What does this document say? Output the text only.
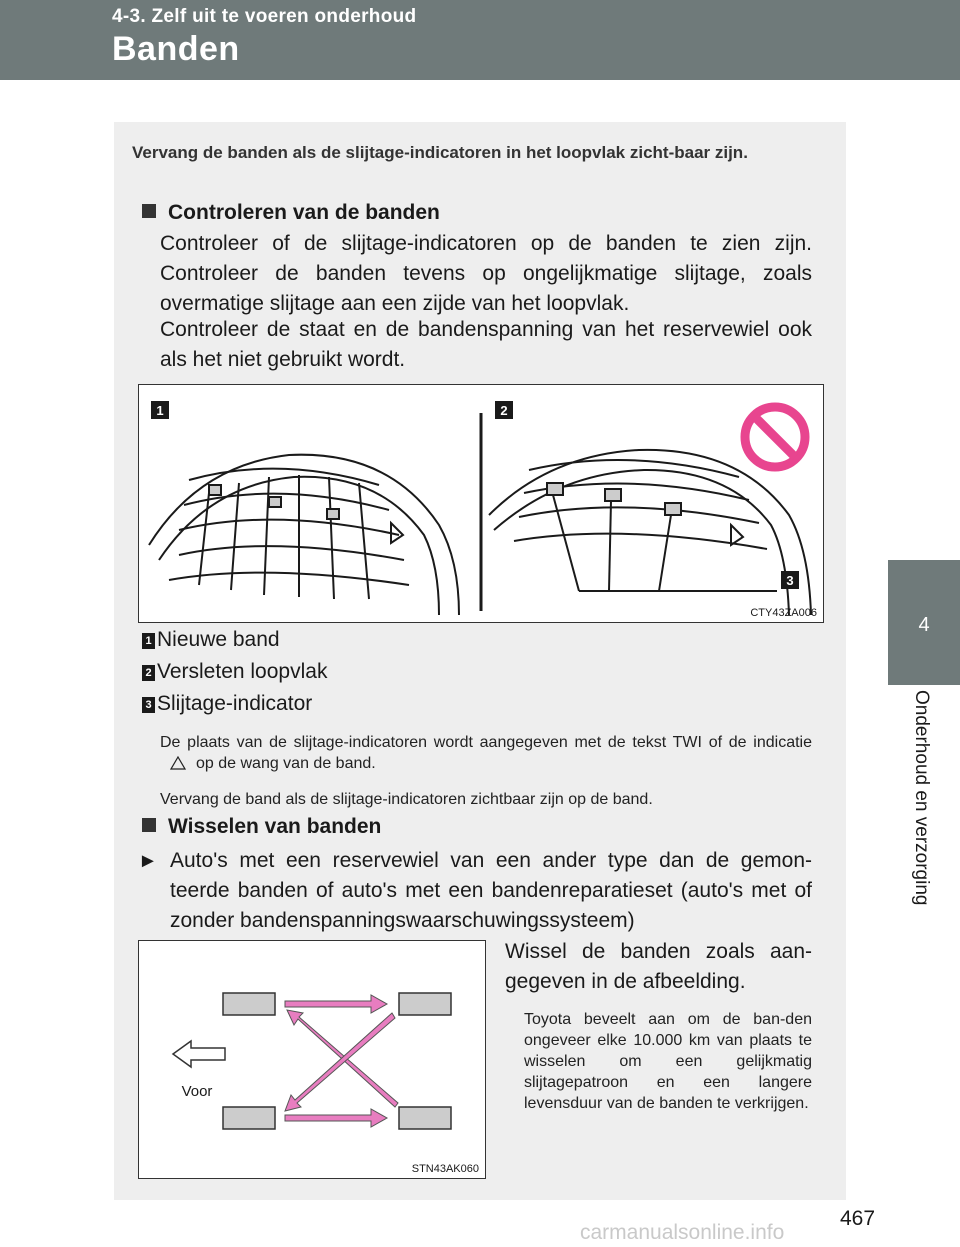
4-3. Zelf uit te voeren onderhoud
Banden
4
Onderhoud en verzorging
Vervang de banden als de slijtage-indicatoren in het loopvlak zicht-baar zijn.
Controleren van de banden
Controleer of de slijtage-indicatoren op de banden te zien zijn. Controleer de banden tevens op ongelijkmatige slijtage, zoals overmatige slijtage aan een zijde van het loopvlak.
Controleer de staat en de bandenspanning van het reservewiel ook als het niet gebruikt wordt.
1	2
3
CTY43ZA006
1 Nieuwe band
2 Versleten loopvlak
3 Slijtage-indicator
De plaats van de slijtage-indicatoren wordt aangegeven met de tekst TWI of de indicatieop de wang van de band.
Vervang de band als de slijtage-indicatoren zichtbaar zijn op de band.
Wisselen van banden
► Auto's met een reservewiel van een ander type dan de gemon-teerde banden of auto's met een bandenreparatieset (auto's met of zonder bandenspanningswaarschuwingssysteem)
Voor
STN43AK060
Wissel de banden zoals aan-gegeven in de afbeelding.
Toyota beveelt aan om de ban-den ongeveer elke 10.000 km van plaats te wisselen om een gelijkmatig slijtagepatroon en een langere levensduur van de banden te verkrijgen.
467
carmanualsonline.info
